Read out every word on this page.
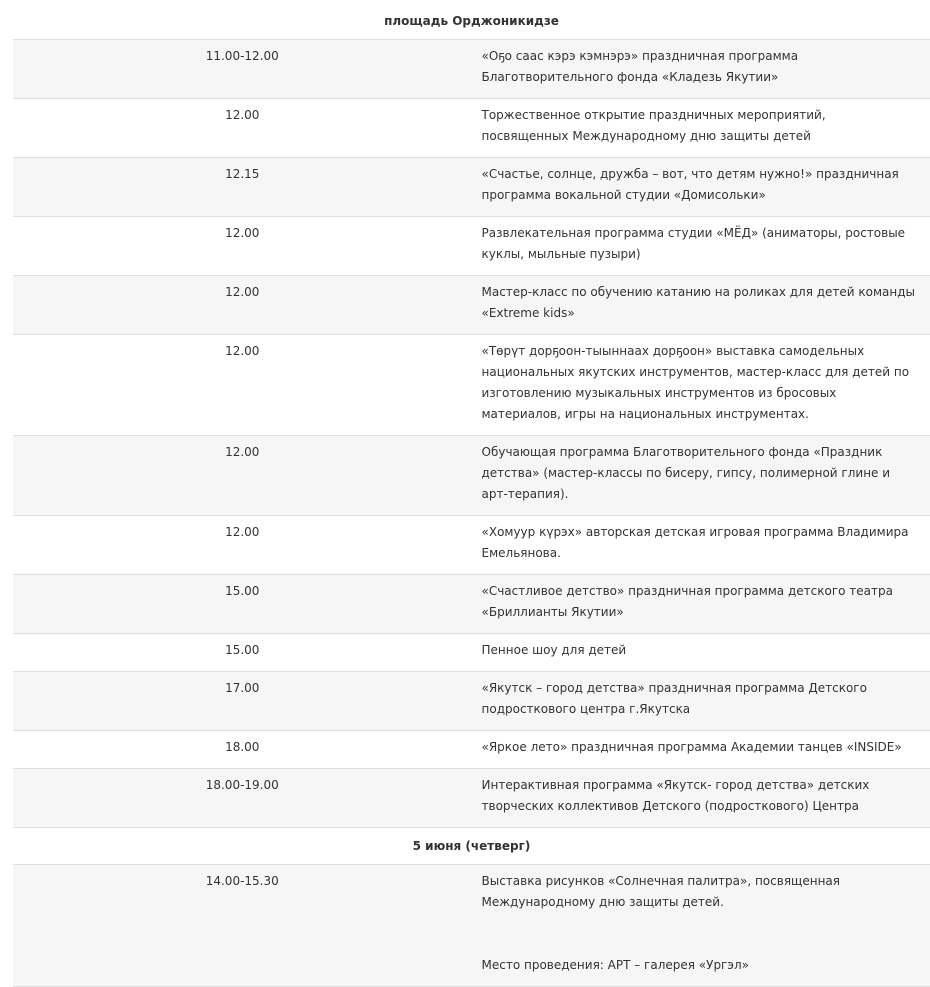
площадь Орджоникидзе	
11.00-12.00	«Оҕо саас кэрэ кэмнэрэ» праздничная программа Благотворительного фонда «Кладезь Якутии»
12.00	Торжественное открытие праздничных мероприятий, посвященных Международному дню защиты детей
12.15	«Счастье, солнце, дружба – вот, что детям нужно!» праздничная программа вокальной студии «Домисольки»
12.00	Развлекательная программа студии «МЁД» (аниматоры, ростовые куклы, мыльные пузыри)
12.00	Мастер-класс по обучению катанию на роликах для детей команды «Extreme kids»
12.00	«Төрүт дорҕоон-тыыннаах дорҕоон» выставка самодельных национальных якутских инструментов, мастер-класс для детей по изготовлению музыкальных инструментов из бросовых материалов, игры на национальных инструментах.
12.00	Обучающая программа Благотворительного фонда «Праздник детства» (мастер-классы по бисеру, гипсу, полимерной глине и арт-терапия).
12.00	«Хомуур күрэх» авторская детская игровая программа Владимира Емельянова.
15.00	«Счастливое детство» праздничная программа детского театра «Бриллианты Якутии»
15.00	Пенное шоу для детей
17.00	«Якутск – город детства» праздничная программа Детского подросткового центра г.Якутска
18.00	«Яркое лето» праздничная программа Академии танцев «INSIDE»
18.00-19.00	Интерактивная программа «Якутск- город детства» детских творческих коллективов Детского (подросткового) Центра
5 июня (четверг)	
14.00-15.30	Выставка рисунков «Солнечная палитра», посвященная Международному дню защиты детей.
Место проведения: АРТ – галерея «Ургэл»
